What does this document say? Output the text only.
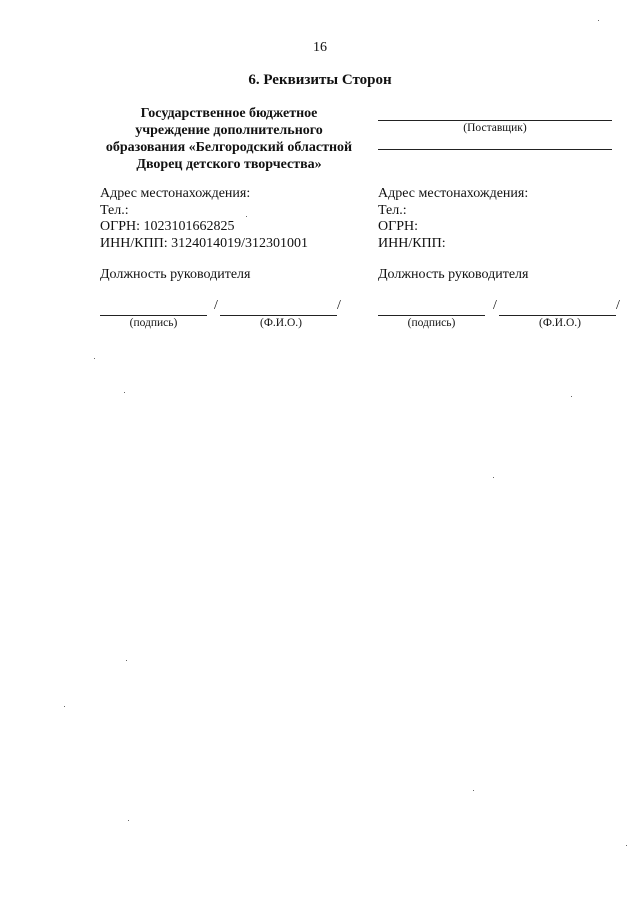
16
6. Реквизиты Сторон
Государственное бюджетное
учреждение дополнительного
образования «Белгородский областной
Дворец детского творчества»
(Поставщик)
Адрес местонахождения:
Тел.:
ОГРН: 1023101662825
ИНН/КПП: 3124014019/312301001
Адрес местонахождения:
Тел.:
ОГРН:
ИНН/КПП:
Должность руководителя	Должность руководителя
/	/
(подпись)	(Ф.И.О.)
/	/
(подпись)	(Ф.И.О.)
